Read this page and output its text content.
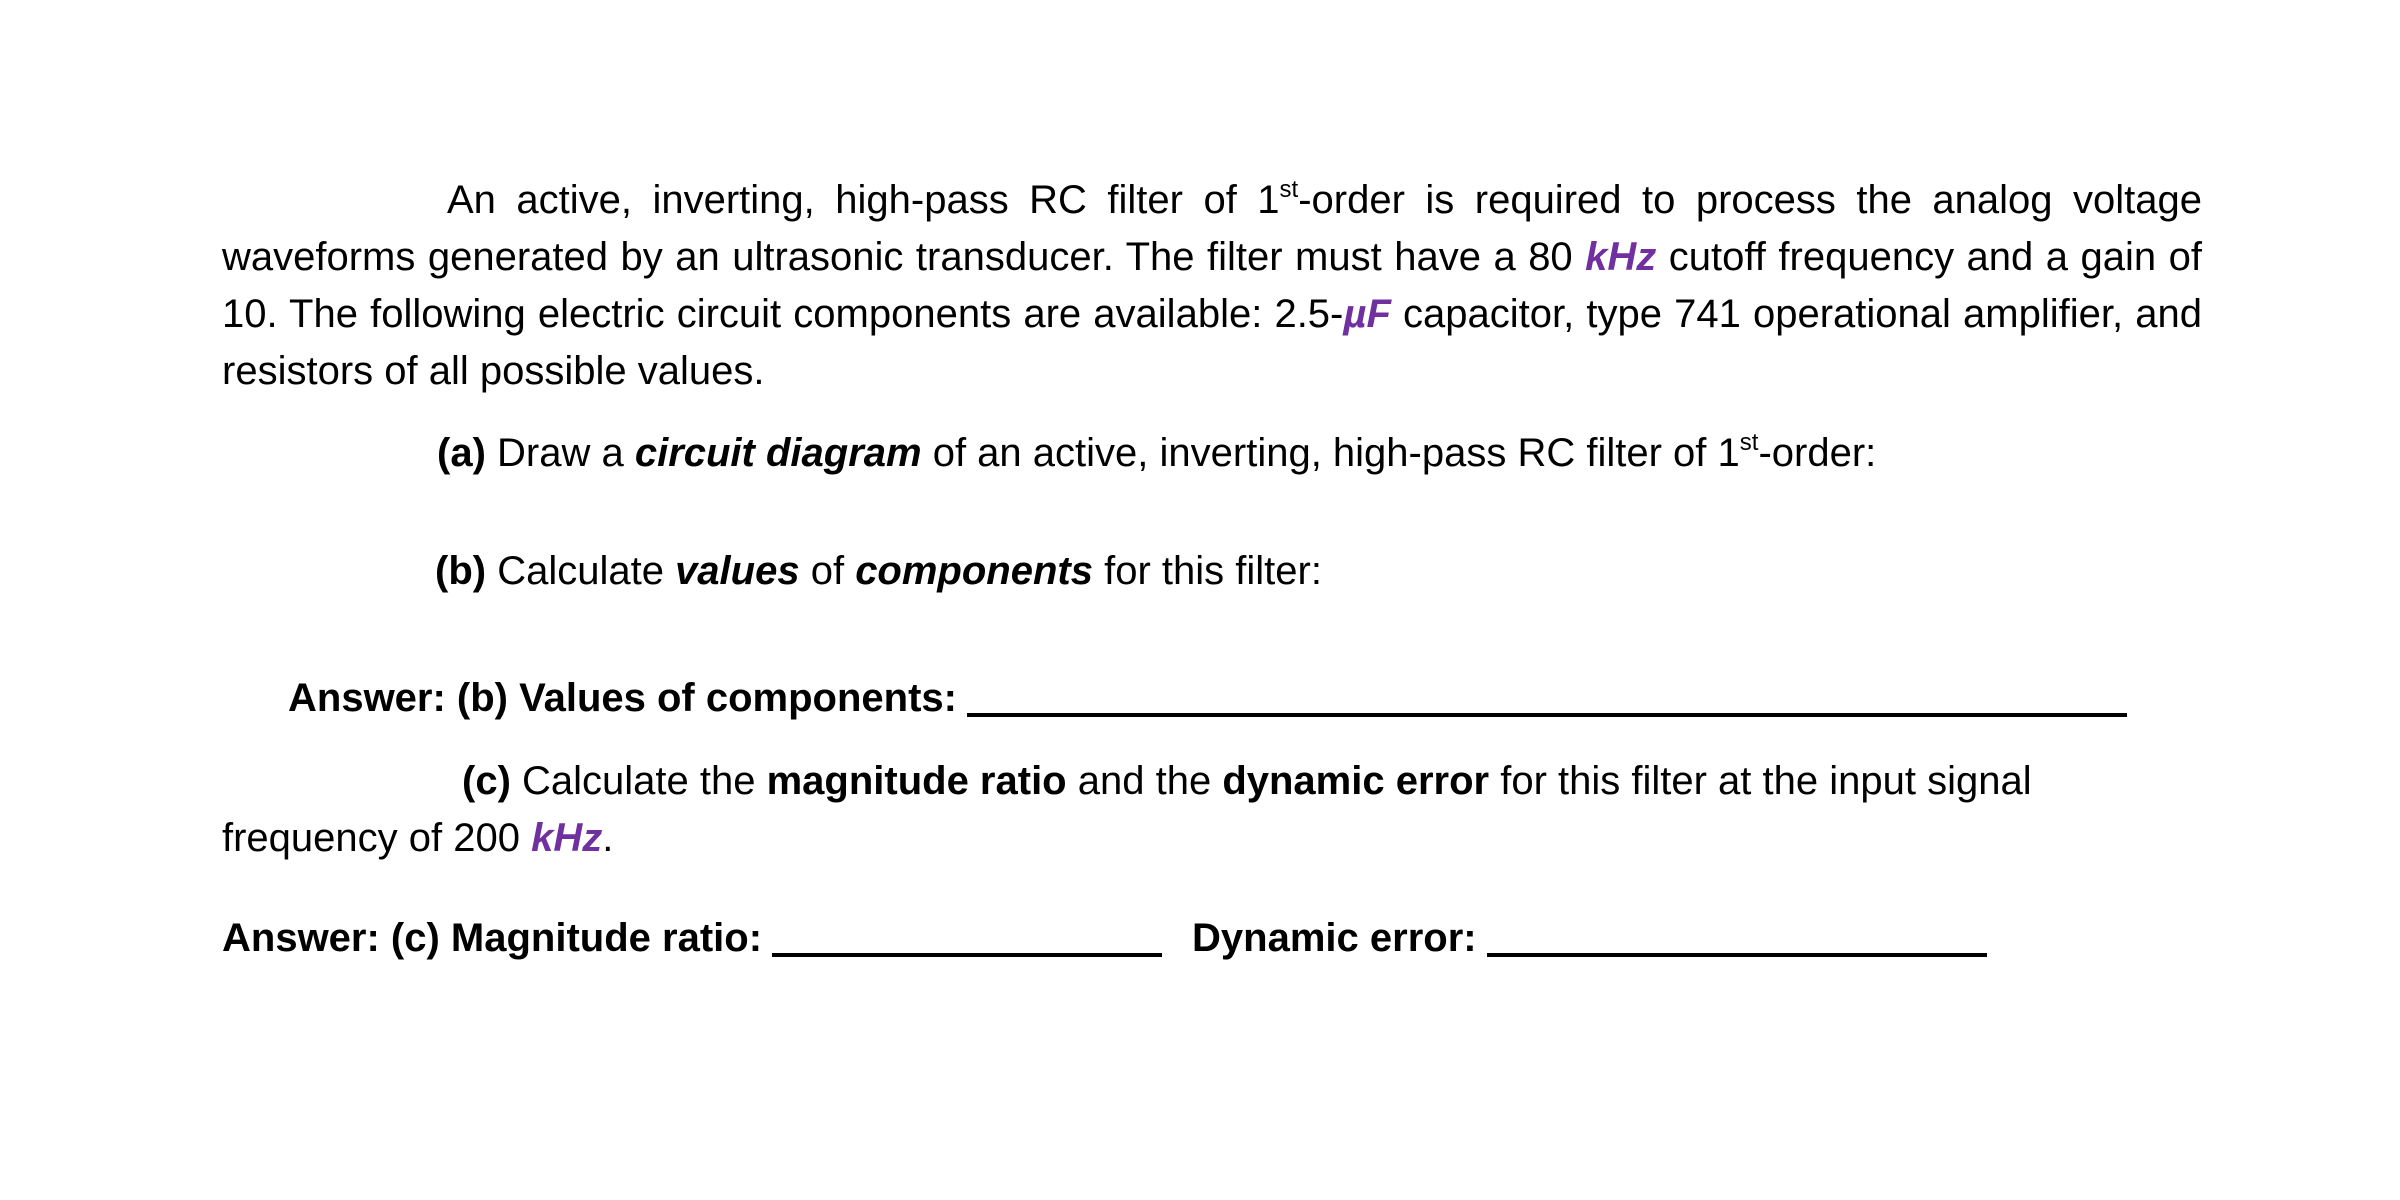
An active, inverting, high-pass RC filter of 1st-order is required to process the analog voltage waveforms generated by an ultrasonic transducer. The filter must have a 80 kHz cutoff frequency and a gain of 10. The following electric circuit components are available: 2.5-µF capacitor, type 741 operational amplifier, and resistors of all possible values.

(a) Draw a circuit diagram of an active, inverting, high-pass RC filter of 1st-order:
(b) Calculate values of components for this filter:
Answer: (b) Values of components:

(c) Calculate the magnitude ratio and the dynamic error for this filter at the input signal frequency of 200 kHz.

Answer: (c) Magnitude ratio:	Dynamic error:
